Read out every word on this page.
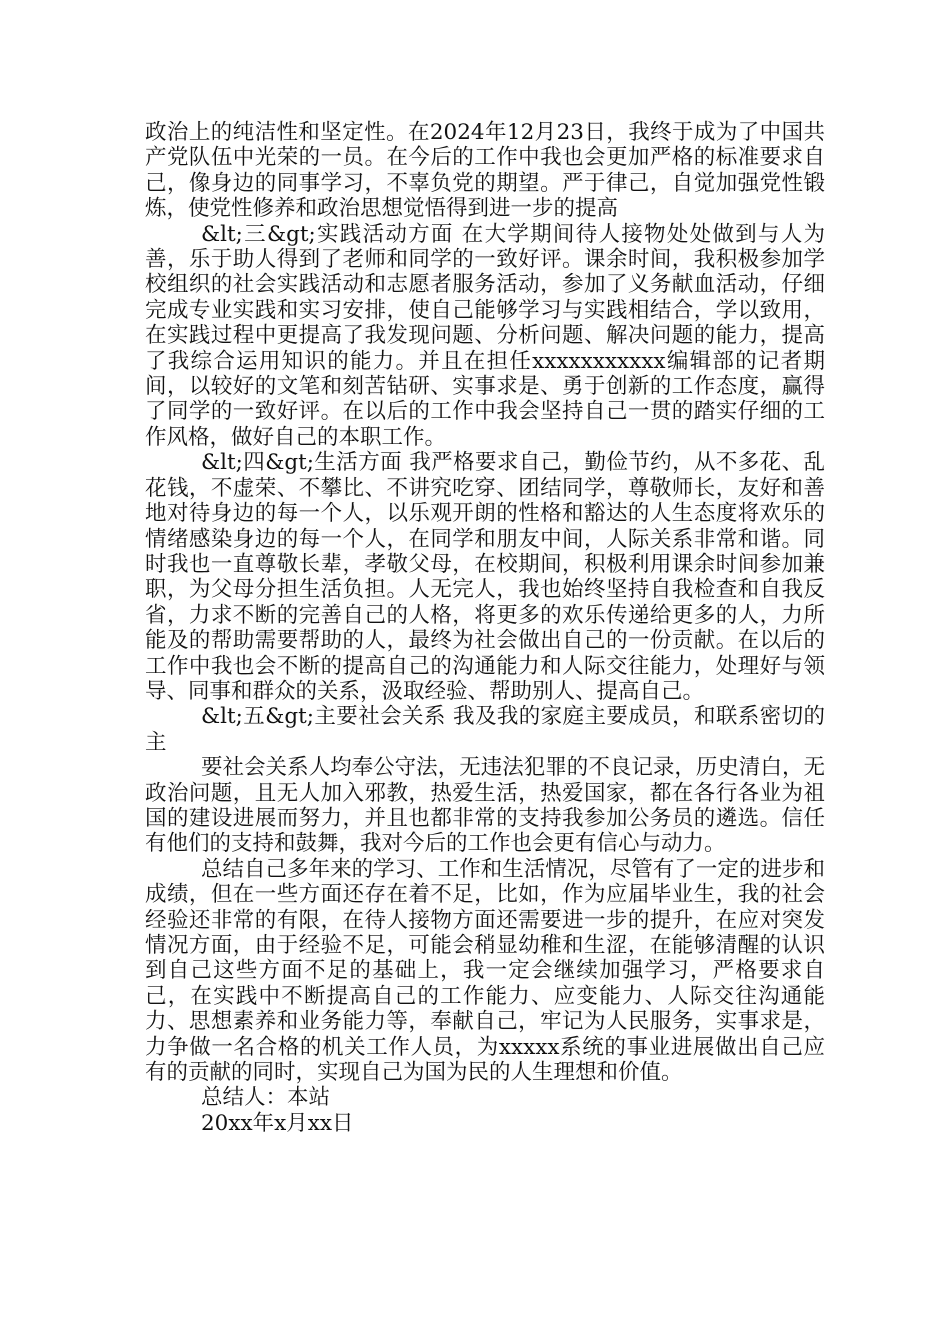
政治上的纯洁性和坚定性。在2024年12月23日，我终于成为了中国共产党队伍中光荣的一员。在今后的工作中我也会更加严格的标准要求自己，像身边的同事学习，不辜负党的期望。严于律己，自觉加强党性锻炼，使党性修养和政治思想觉悟得到进一步的提高

&lt;三&gt;实践活动方面 在大学期间待人接物处处做到与人为善，乐于助人得到了老师和同学的一致好评。课余时间，我积极参加学校组织的社会实践活动和志愿者服务活动，参加了义务献血活动，仔细完成专业实践和实习安排，使自己能够学习与实践相结合，学以致用，在实践过程中更提高了我发现问题、分析问题、解决问题的能力，提高了我综合运用知识的能力。并且在担任xxxxxxxxxxx编辑部的记者期间，以较好的文笔和刻苦钻研、实事求是、勇于创新的工作态度，赢得了同学的一致好评。在以后的工作中我会坚持自己一贯的踏实仔细的工作风格，做好自己的本职工作。

&lt;四&gt;生活方面 我严格要求自己，勤俭节约，从不多花、乱花钱，不虚荣、不攀比、不讲究吃穿、团结同学，尊敬师长，友好和善地对待身边的每一个人，以乐观开朗的性格和豁达的人生态度将欢乐的情绪感染身边的每一个人，在同学和朋友中间，人际关系非常和谐。同时我也一直尊敬长辈，孝敬父母，在校期间，积极利用课余时间参加兼职，为父母分担生活负担。人无完人，我也始终坚持自我检查和自我反省，力求不断的完善自己的人格，将更多的欢乐传递给更多的人，力所能及的帮助需要帮助的人，最终为社会做出自己的一份贡献。在以后的工作中我也会不断的提高自己的沟通能力和人际交往能力，处理好与领导、同事和群众的关系，汲取经验、帮助别人、提高自己。

&lt;五&gt;主要社会关系 我及我的家庭主要成员，和联系密切的主

要社会关系人均奉公守法，无违法犯罪的不良记录，历史清白，无政治问题，且无人加入邪教，热爱生活，热爱国家，都在各行各业为祖国的建设进展而努力，并且也都非常的支持我参加公务员的遴选。信任有他们的支持和鼓舞，我对今后的工作也会更有信心与动力。

总结自己多年来的学习、工作和生活情况，尽管有了一定的进步和成绩，但在一些方面还存在着不足，比如，作为应届毕业生，我的社会经验还非常的有限，在待人接物方面还需要进一步的提升，在应对突发情况方面，由于经验不足，可能会稍显幼稚和生涩，在能够清醒的认识到自己这些方面不足的基础上，我一定会继续加强学习，严格要求自己，在实践中不断提高自己的工作能力、应变能力、人际交往沟通能力、思想素养和业务能力等，奉献自己，牢记为人民服务，实事求是，力争做一名合格的机关工作人员，为xxxxx系统的事业进展做出自己应有的贡献的同时，实现自己为国为民的人生理想和价值。

总结人：本站

20xx年x月xx日
